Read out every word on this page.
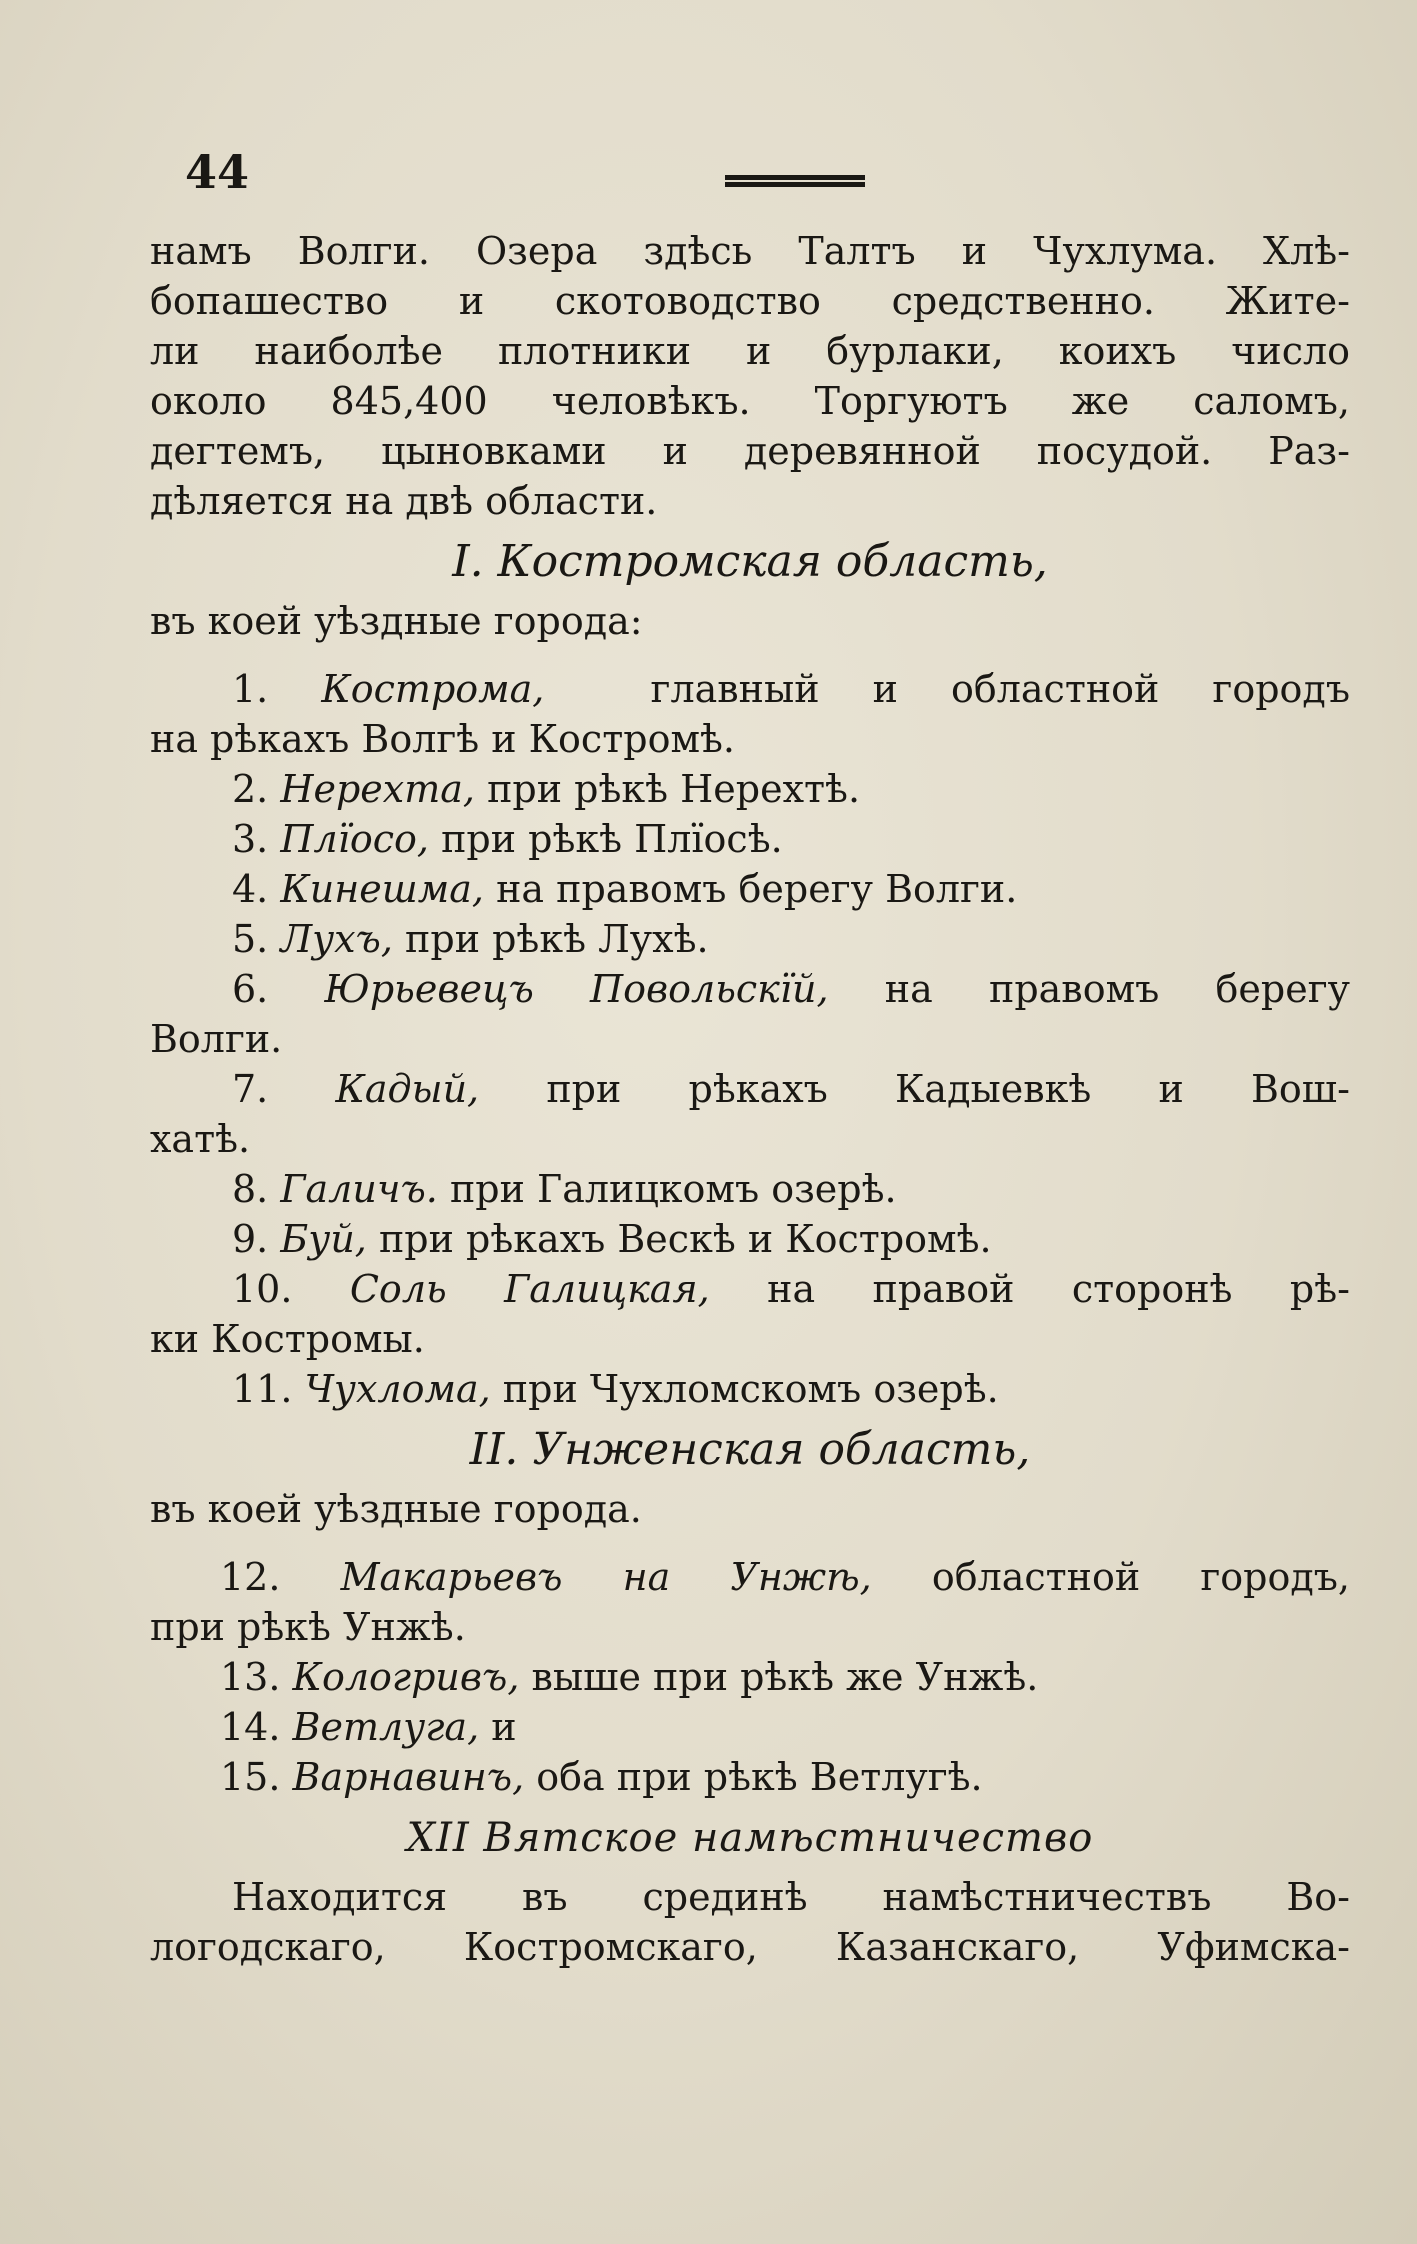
44
намъ Волги. Озера здѣсь Талтъ и Чухлума. Хлѣ-
бопашество и скотоводство средственно. Жите-
ли наиболѣе плотники и бурлаки, коихъ число
около 845,400 человѣкъ. Торгуютъ же саломъ,
дегтемъ, цыновками и деревянной посудой. Раз-
дѣляется на двѣ области.
I. Костромская область,
въ коей уѣздные города:
1. Кострома,	главный и областной городъ
на рѣкахъ Волгѣ и Костромѣ.
2. Нерехта, при рѣкѣ Нерехтѣ.
3. Плїосо, при рѣкѣ Плїосѣ.
4. Кинешма, на правомъ берегу Волги.
5. Лухъ, при рѣкѣ Лухѣ.
6. Юрьевецъ Повольскїй, на правомъ берегу
Волги.
7. Кадый, при рѣкахъ Кадыевкѣ и Вош-
хатѣ.
8. Галичъ. при Галицкомъ озерѣ.
9. Буй, при рѣкахъ Вескѣ и Костромѣ.
10. Соль Галицкая, на правой сторонѣ рѣ-
ки Костромы.
11. Чухлома, при Чухломскомъ озерѣ.
II. Унженская область,
въ коей уѣздные города.
12. Макарьевъ на Унжѣ, областной городъ,
при рѣкѣ Унжѣ.
13. Кологривъ, выше при рѣкѣ же Унжѣ.
14. Ветлуга, и
15. Варнавинъ, оба при рѣкѣ Ветлугѣ.
XII Вятское намѣстничество
Находится въ срединѣ намѣстничествъ Во-
логодскаго, Костромскаго, Казанскаго, Уфимска-
